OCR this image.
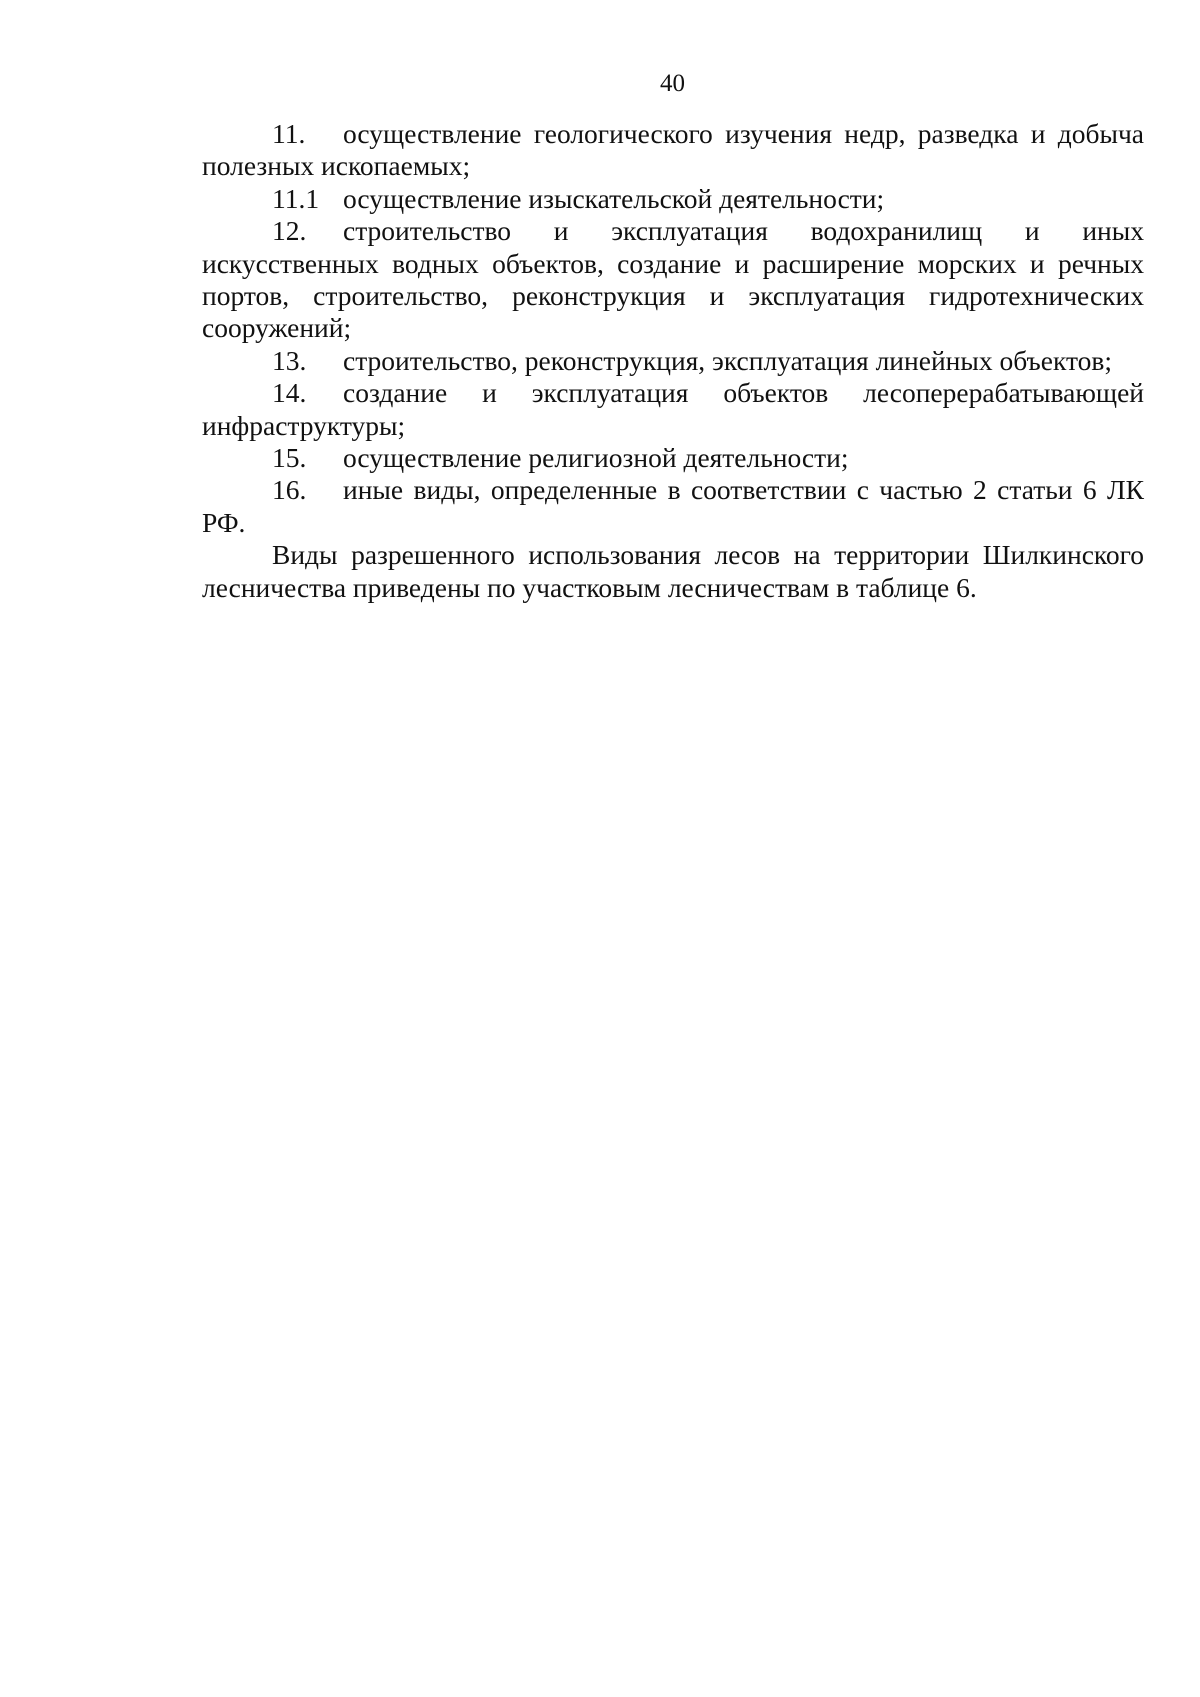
40

11. осуществление геологического изучения недр, разведка и добыча полезных ископаемых;

11.1 осуществление изыскательской деятельности;

12. строительство и эксплуатация водохранилищ и иных искусственных водных объектов, создание и расширение морских и речных портов, строительство, реконструкция и эксплуатация гидротехнических сооружений;

13. строительство, реконструкция, эксплуатация линейных объектов;

14. создание и эксплуатация объектов лесоперерабатывающей инфраструктуры;

15. осуществление религиозной деятельности;

16. иные виды, определенные в соответствии с частью 2 статьи 6 ЛК РФ.

Виды разрешенного использования лесов на территории Шилкинского лесничества приведены по участковым лесничествам в таблице 6.
